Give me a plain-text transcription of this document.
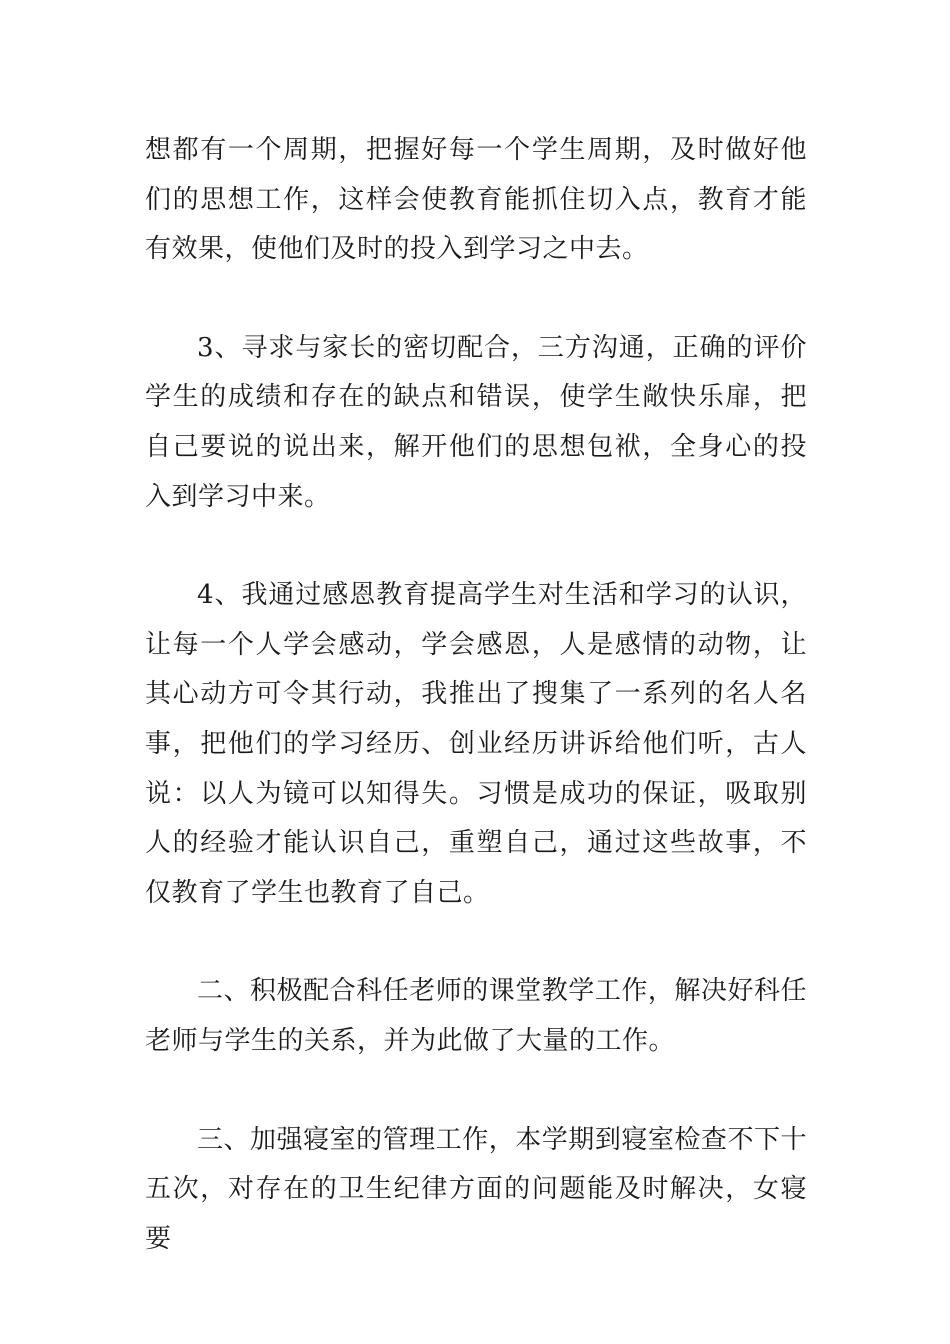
想都有一个周期，把握好每一个学生周期，及时做好他们的思想工作，这样会使教育能抓住切入点，教育才能有效果，使他们及时的投入到学习之中去。

3、寻求与家长的密切配合，三方沟通，正确的评价学生的成绩和存在的缺点和错误，使学生敞快乐扉，把自己要说的说出来，解开他们的思想包袱，全身心的投入到学习中来。

4、我通过感恩教育提高学生对生活和学习的认识，让每一个人学会感动，学会感恩，人是感情的动物，让其心动方可令其行动，我推出了搜集了一系列的名人名事，把他们的学习经历、创业经历讲诉给他们听，古人说：以人为镜可以知得失。习惯是成功的保证，吸取别人的经验才能认识自己，重塑自己，通过这些故事，不仅教育了学生也教育了自己。

二、积极配合科任老师的课堂教学工作，解决好科任老师与学生的关系，并为此做了大量的工作。

三、加强寝室的管理工作，本学期到寝室检查不下十五次，对存在的卫生纪律方面的问题能及时解决，女寝要
